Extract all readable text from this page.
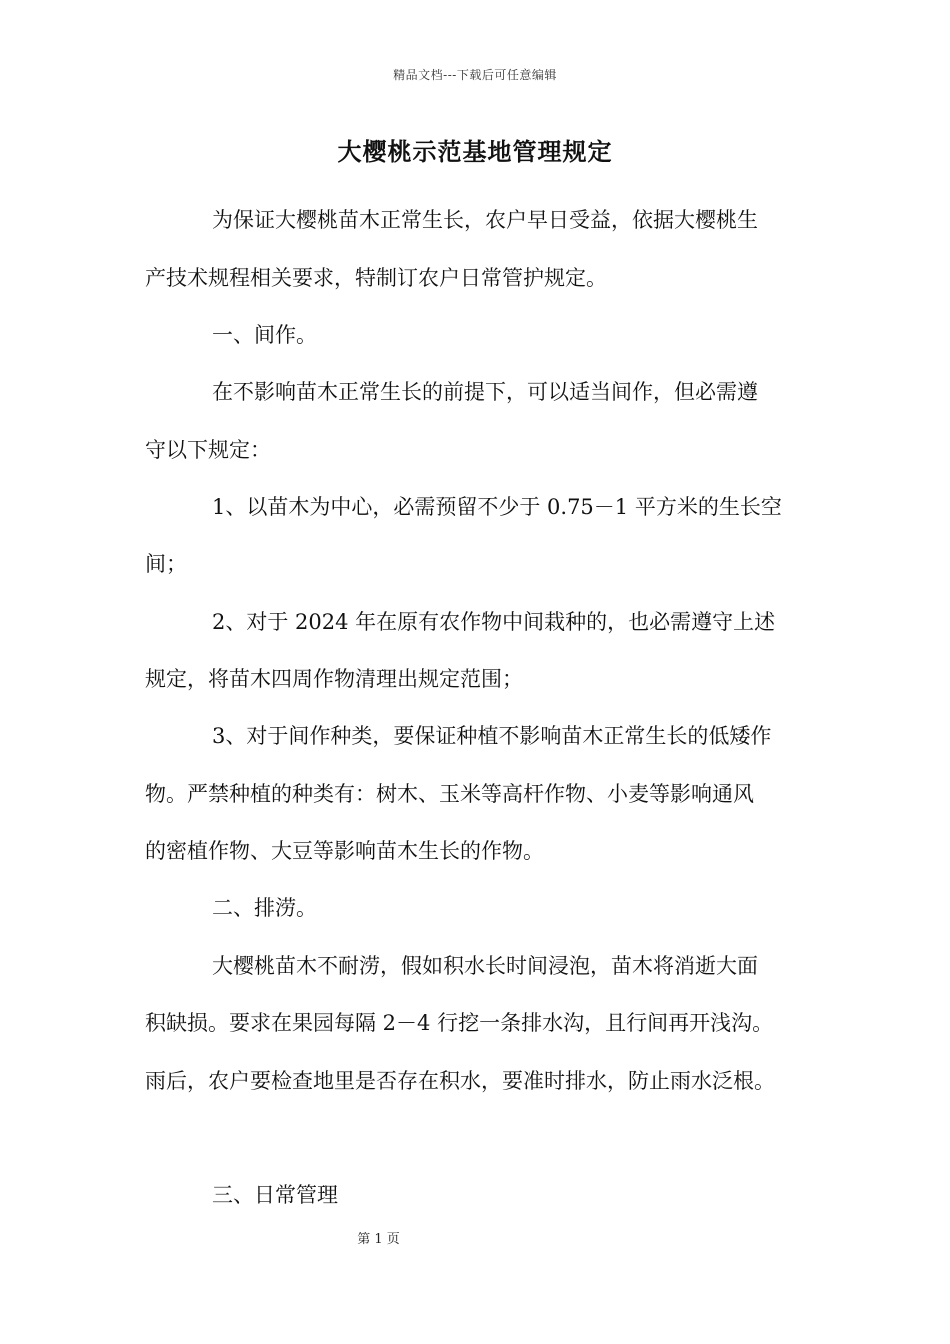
精品文档---下载后可任意编辑
大樱桃示范基地管理规定
为保证大樱桃苗木正常生长，农户早日受益，依据大樱桃生
产技术规程相关要求，特制订农户日常管护规定。
一、间作。
在不影响苗木正常生长的前提下，可以适当间作，但必需遵
守以下规定：
1、以苗木为中心，必需预留不少于 0.75－1 平方米的生长空
间；
2、对于 2024 年在原有农作物中间栽种的，也必需遵守上述
规定，将苗木四周作物清理出规定范围；
3、对于间作种类，要保证种植不影响苗木正常生长的低矮作
物。严禁种植的种类有：树木、玉米等高杆作物、小麦等影响通风
的密植作物、大豆等影响苗木生长的作物。
二、排涝。
大樱桃苗木不耐涝，假如积水长时间浸泡，苗木将消逝大面
积缺损。要求在果园每隔 2－4 行挖一条排水沟，且行间再开浅沟。
雨后，农户要检查地里是否存在积水，要准时排水，防止雨水泛根。
三、日常管理
第 1 页
